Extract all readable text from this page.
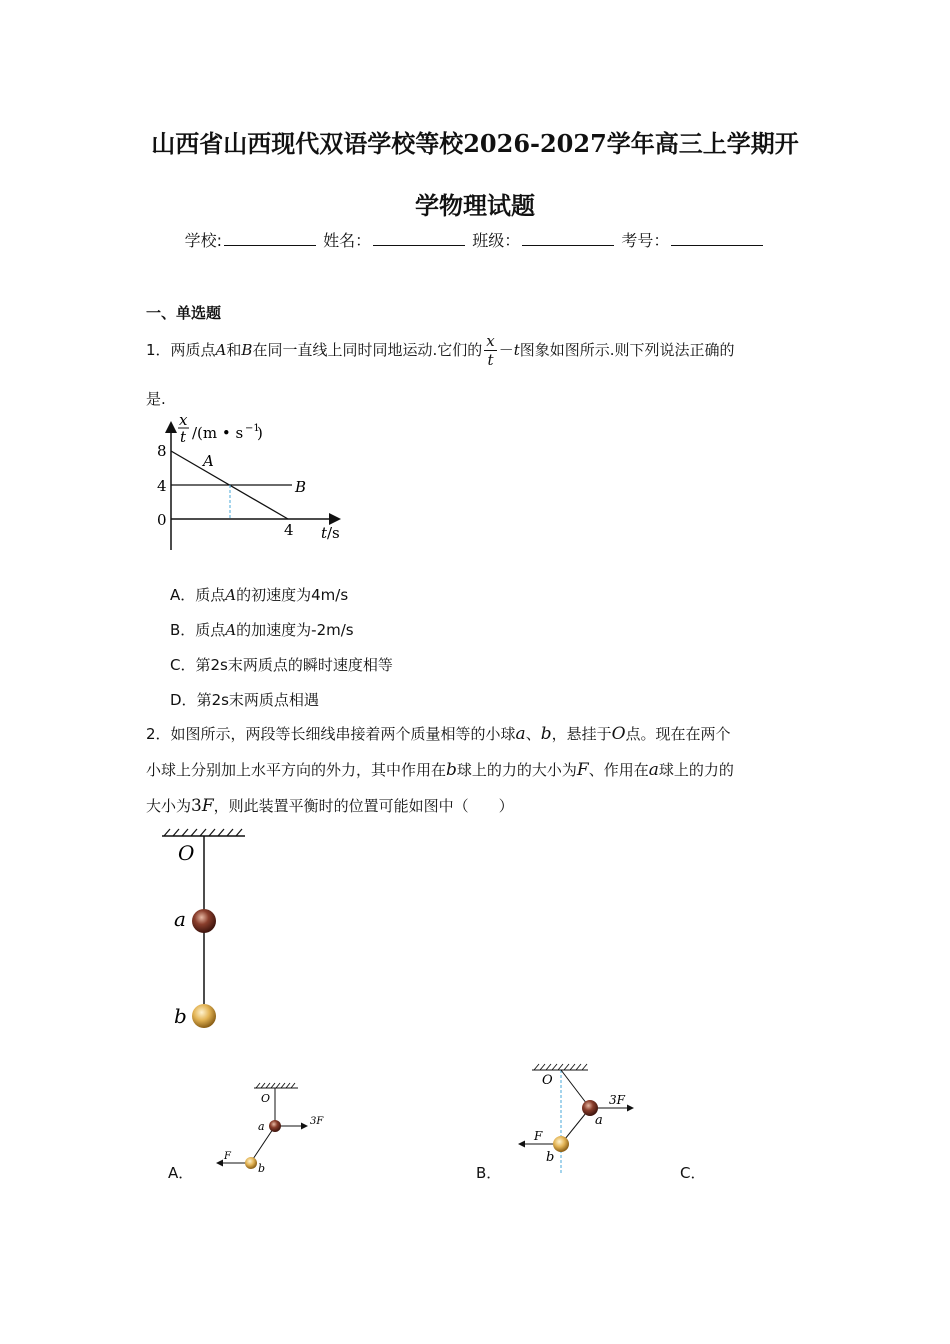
山西省山西现代双语学校等校2026-2027学年高三上学期开
学物理试题
学校:	姓名：	班级：	考号：
一、单选题
1．两质点A和B在同一直线上同时同地运动.它们的 $\frac{x}{t} -t$图象如图所示.则下列说法正确的
是.
x
t /(m • s −1
)
8
4
0
4 t /s
A
B
A．质点A的初速度为4m/s
B．质点A的加速度为-2m/s
C．第2s末两质点的瞬时速度相等
D．第2s末两质点相遇
2．如图所示，两段等长细线串接着两个质量相等的小球a、b，悬挂于O点。现在在两个
小球上分别加上水平方向的外力，其中作用在b球上的力的大小为F、作用在a球上的力的
大小为3F，则此装置平衡时的位置可能如图中（　　）
O
a
b
A．
O
a	3F
b
F
B．
O
a
3F
b
F
C．
